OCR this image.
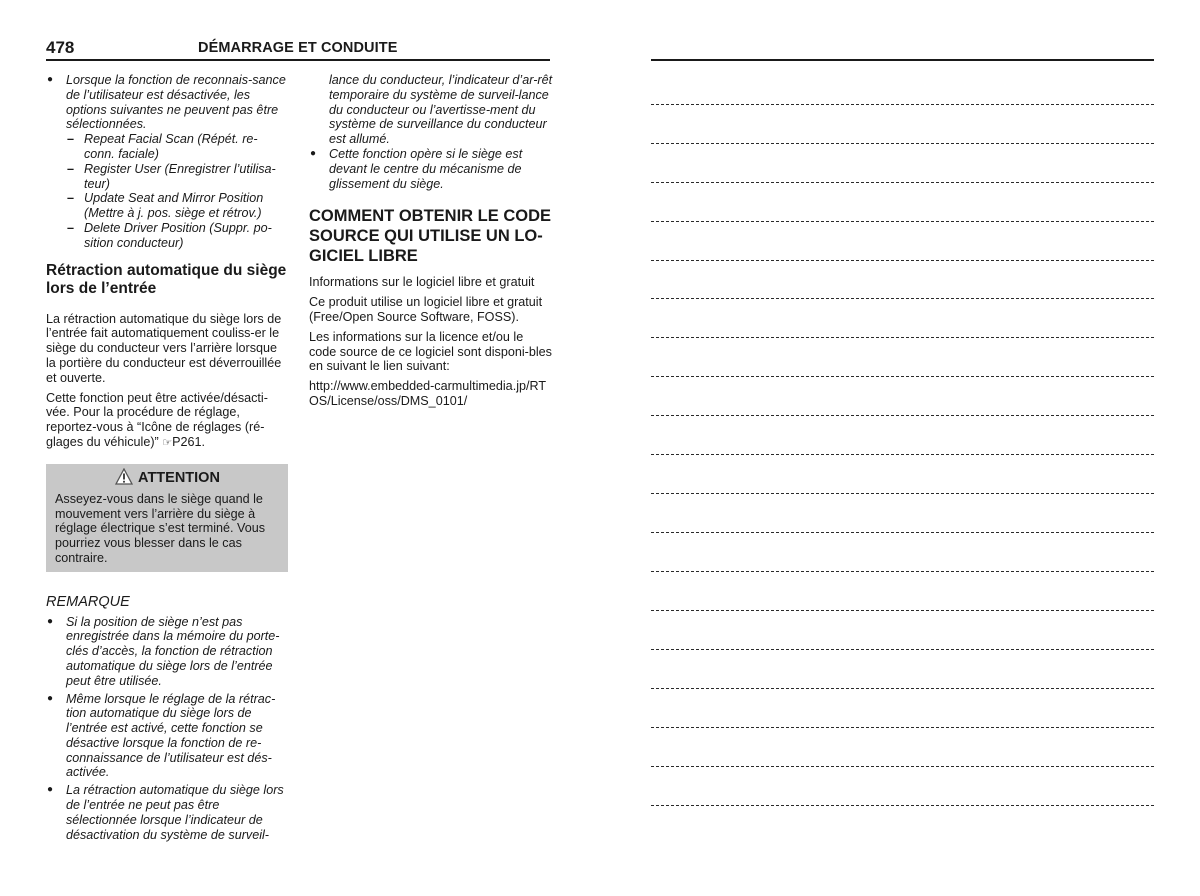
478	DÉMARRAGE ET CONDUITE
● Lorsque la fonction de reconnais-sance de l’utilisateur est désactivée, les options suivantes ne peuvent pas être sélectionnées.
– Repeat Facial Scan (Répét. re-conn. faciale)
– Register User (Enregistrer l’utilisa-teur)
– Update Seat and Mirror Position (Mettre à j. pos. siège et rétrov.)
– Delete Driver Position (Suppr. po-sition conducteur)
Rétraction automatique du siège lors de l’entrée
La rétraction automatique du siège lors de l’entrée fait automatiquement couliss-er le siège du conducteur vers l’arrière lorsque la portière du conducteur est déverrouillée et ouverte.
Cette fonction peut être activée/désacti-vée. Pour la procédure de réglage, reportez-vous à “Icône de réglages (ré-glages du véhicule)” ☞P261.
ATTENTION
Asseyez-vous dans le siège quand le mouvement vers l’arrière du siège à réglage électrique s’est terminé. Vous pourriez vous blesser dans le cas contraire.
REMARQUE
● Si la position de siège n’est pas enregistrée dans la mémoire du porte-clés d’accès, la fonction de rétraction automatique du siège lors de l’entrée peut être utilisée.
● Même lorsque le réglage de la rétrac-tion automatique du siège lors de l’entrée est activé, cette fonction se désactive lorsque la fonction de re-connaissance de l’utilisateur est dés-activée.
● La rétraction automatique du siège lors de l’entrée ne peut pas être sélectionnée lorsque l’indicateur de désactivation du système de surveil-
lance du conducteur, l’indicateur d’ar-rêt temporaire du système de surveil-lance du conducteur ou l’avertisse-ment du système de surveillance du conducteur est allumé.
● Cette fonction opère si le siège est devant le centre du mécanisme de glissement du siège.
COMMENT OBTENIR LE CODE SOURCE QUI UTILISE UN LO-GICIEL LIBRE
Informations sur le logiciel libre et gratuit
Ce produit utilise un logiciel libre et gratuit (Free/Open Source Software, FOSS).
Les informations sur la licence et/ou le code source de ce logiciel sont disponi-bles en suivant le lien suivant:
http://www.embedded-carmultimedia.jp/RTOS/License/oss/DMS_0101/
